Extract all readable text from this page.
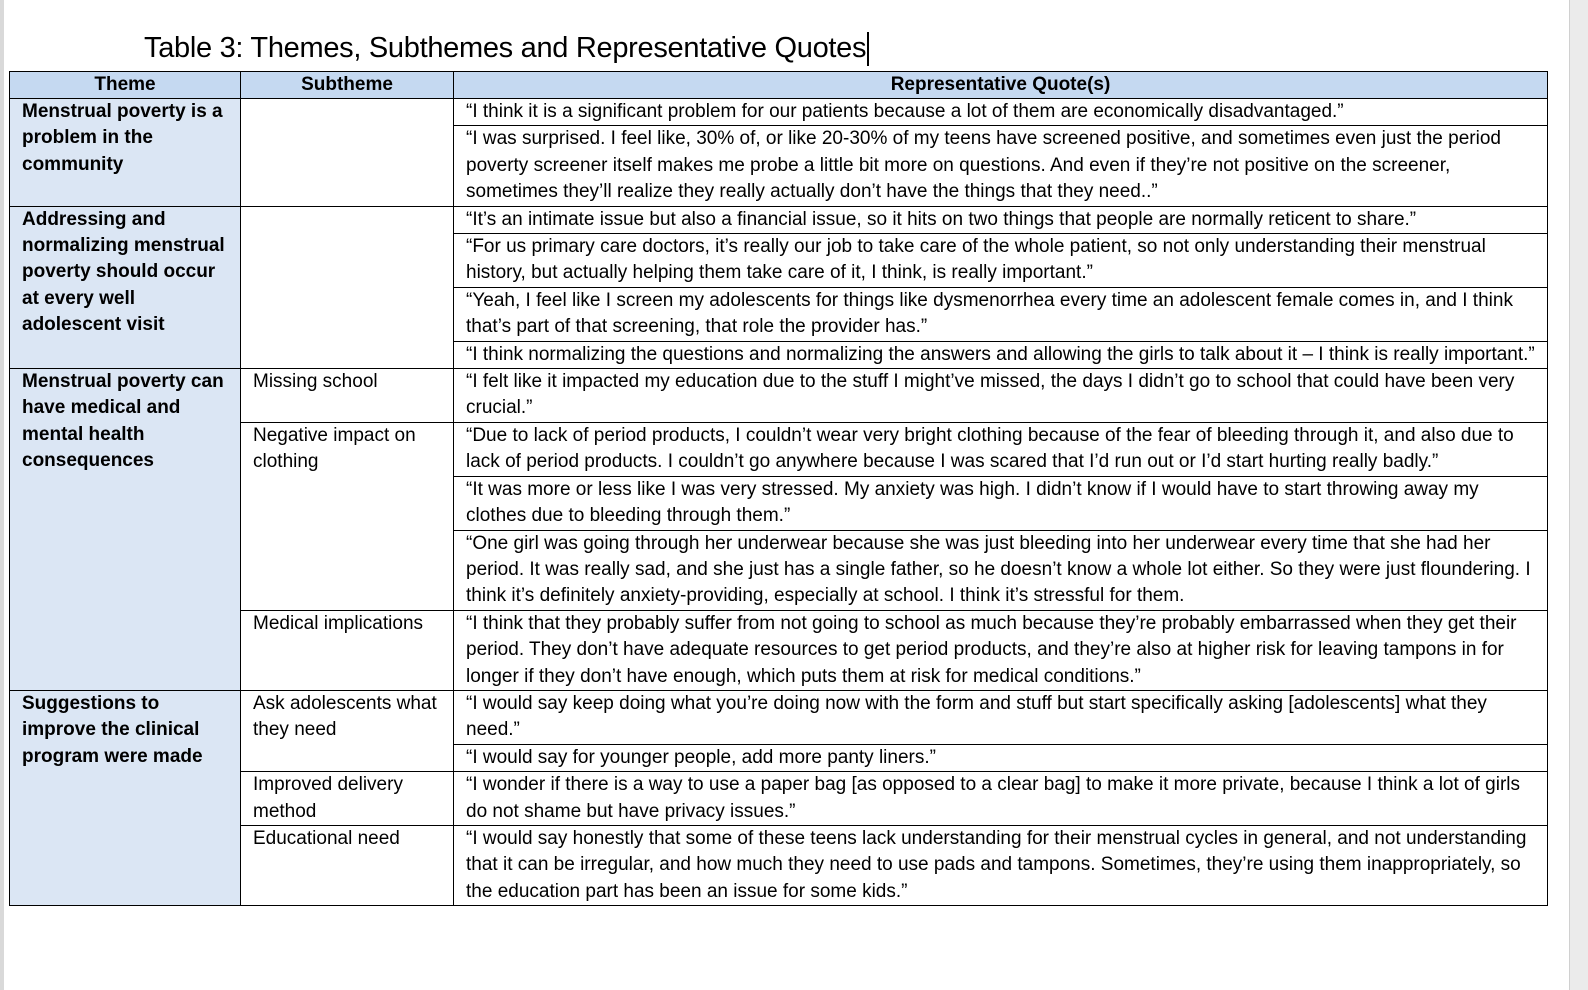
Table 3: Themes, Subthemes and Representative Quotes
Theme	Subtheme	Representative Quote(s)
Menstrual poverty is a problem in the community		“I think it is a significant problem for our patients because a lot of them are economically disadvantaged.”
		“I was surprised. I feel like, 30% of, or like 20-30% of my teens have screened positive, and sometimes even just the period poverty screener itself makes me probe a little bit more on questions. And even if they’re not positive on the screener, sometimes they’ll realize they really actually don’t have the things that they need..”
Addressing and normalizing menstrual poverty should occur at every well adolescent visit		“It’s an intimate issue but also a financial issue, so it hits on two things that people are normally reticent to share.”
		“For us primary care doctors, it’s really our job to take care of the whole patient, so not only understanding their menstrual history, but actually helping them take care of it, I think, is really important.”
		“Yeah, I feel like I screen my adolescents for things like dysmenorrhea every time an adolescent female comes in, and I think that’s part of that screening, that role the provider has.”
		“I think normalizing the questions and normalizing the answers and allowing the girls to talk about it – I think is really important.”
Menstrual poverty can have medical and mental health consequences	Missing school	“I felt like it impacted my education due to the stuff I might’ve missed, the days I didn’t go to school that could have been very crucial.”
	Negative impact on clothing	“Due to lack of period products, I couldn’t wear very bright clothing because of the fear of bleeding through it, and also due to lack of period products. I couldn’t go anywhere because I was scared that I’d run out or I’d start hurting really badly.”
		“It was more or less like I was very stressed. My anxiety was high. I didn’t know if I would have to start throwing away my clothes due to bleeding through them.”
		“One girl was going through her underwear because she was just bleeding into her underwear every time that she had her period. It was really sad, and she just has a single father, so he doesn’t know a whole lot either. So they were just floundering. I think it’s definitely anxiety-providing, especially at school. I think it’s stressful for them.
	Medical implications	“I think that they probably suffer from not going to school as much because they’re probably embarrassed when they get their period. They don’t have adequate resources to get period products, and they’re also at higher risk for leaving tampons in for longer if they don’t have enough, which puts them at risk for medical conditions.”
Suggestions to improve the clinical program were made	Ask adolescents what they need	“I would say keep doing what you’re doing now with the form and stuff but start specifically asking [adolescents] what they need.”
		“I would say for younger people, add more panty liners.”
	Improved delivery method	“I wonder if there is a way to use a paper bag [as opposed to a clear bag] to make it more private, because I think a lot of girls do not shame but have privacy issues.”
	Educational need	“I would say honestly that some of these teens lack understanding for their menstrual cycles in general, and not understanding that it can be irregular, and how much they need to use pads and tampons. Sometimes, they’re using them inappropriately, so the education part has been an issue for some kids.”
